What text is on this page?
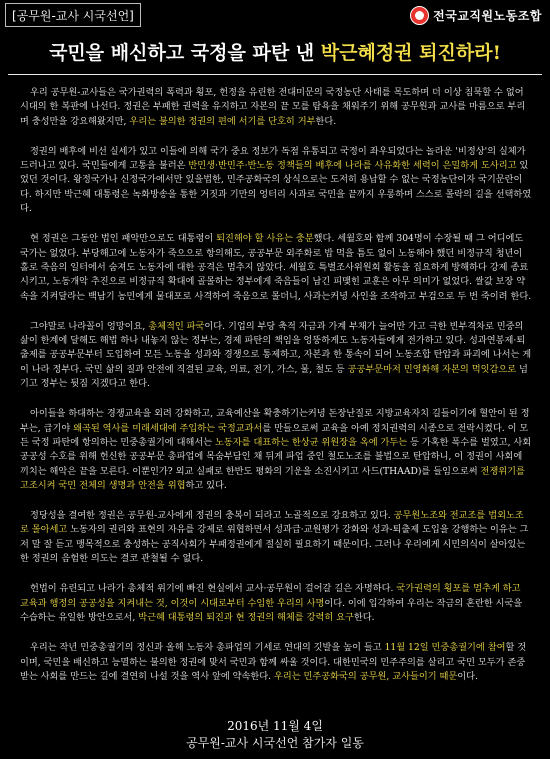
[공무원-교사 시국선언]	전국교직원노동조합
국민을 배신하고 국정을 파탄 낸 박근혜정권 퇴진하라!

우리 공무원-교사들은 국가권력의 폭력과 횡포, 헌정을 유린한 전대미문의 국정농단 사태를 목도하며 더 이상 침묵할 수 없어 시대의 한 복판에 나선다. 정권은 부패한 권력을 유지하고 자본의 끝 모를 탐욕을 채워주기 위해 공무원과 교사를 마름으로 부리며 충성만을 강요해왔지만, 우리는 불의한 정권의 편에 서기를 단호히 거부한다.

정권의 배후에 비선 실세가 있고 이들에 의해 국가 중요 정보가 독점 유통되고 국정이 좌우되었다는 놀라운 '비정상'의 실체가 드러나고 있다. 국민들에게 고통을 불러온 반민생·반민주·반노동 정책들의 배후에 나라를 사유화한 세력이 은밀하게 도사리고 있었던 것이다. 왕정국가나 신정국가에서만 있을법한, 민주공화국의 상식으로는 도저히 용납할 수 없는 국정농단이자 국기문란이다. 하지만 박근혜 대통령은 녹화방송을 통한 거짓과 기만의 엉터리 사과로 국민을 끝까지 우롱하며 스스로 몰락의 길을 선택하였다.

현 정권은 그동안 법인 패악만으로도 대통령이 퇴진해야 할 사유는 충분했다. 세월호와 함께 304명이 수장될 때 그 어디에도 국가는 없었다. 부당해고에 노동자가 죽으으로 항의해도, 공공부문 외주화로 밥 먹을 틈도 없이 노동해야 했던 비정규직 청년이 홀로 죽음의 일터에서 숨져도 노동자에 대한 공격은 멈추지 않았다. 세월호 특별조사위원회 활동을 집요하게 방해하다 강제 종료시키고, 노동개악 추진으로 비정규직 확대에 골몰하는 정부에게 죽음들이 남긴 피맺힌 교훈은 아무 의미가 없었다. 쌀값 보장 약속을 지켜달라는 백남기 농민에게 물대포로 사격하여 죽음으로 몰더니, 사과는커녕 사인을 조작하고 부검으로 두 번 죽이려 한다.

그야말로 나라꼴이 엉망이요, 총체적인 파국이다. 기업의 부당 축적 자금과 가계 부채가 늘어만 가고 극한 빈부격차로 민중의 삶이 한계에 달해도 해법 하나 내놓지 않는 정부는, 경제 파탄의 책임을 엉뚱하게도 노동자들에게 전가하고 있다. 성과연봉제·퇴출제를 공공부문부터 도입하여 모든 노동을 성과와 경쟁으로 통제하고, 자본과 한 통속이 되어 노동조합 탄압과 파괴에 나서는 게 이 나라 정부다. 국민 삶의 질과 안전에 직결된 교육, 의료, 전기, 가스, 물, 철도 등 공공부문마저 민영화해 자본의 먹잇감으로 넘기고 정부는 뒷짐 지겠다고 한다.

아이들을 하대하는 경쟁교육을 외려 강화하고, 교육예산을 확충하기는커녕 돈장난질로 지방교육자치 길들이기에 혈안이 된 정부는, 급기야 왜곡된 역사를 미래세대에 주입하는 국정교과서를 만들으로써 교육을 아예 정치권력의 시종으로 전락시켰다. 이 모든 국정 파탄에 항의하는 민중총궐기에 대해서는 노동자를 대표하는 한상균 위원장을 옥에 가두는 등 가혹한 폭수를 벌였고, 사회공공성 수호를 위해 헌신한 공공부문 총파업에 목숨부담인 채 뒤게 파업 중인 철도노조를 불법으로 탄압하니, 이 정권이 사회에 끼치는 해악은 끝을 모른다. 이뿐인가? 외교 실패로 한반도 평화의 기운을 소진시키고 사드(THAAD)를 들임으로써 전쟁위기를 고조시켜 국민 전체의 생명과 안전을 위협하고 있다.

정당성을 결여한 정권은 공무원-교사에게 정권의 충복이 되라고 노골적으로 강요하고 있다. 공무원노조와 전교조를 법외노조로 몰아세고 노동자의 권리와 표현의 자유를 강제로 위협하면서 성과급·교원평가 강화와 성과-퇴출제 도입을 강행하는 이유는 그저 말 잘 듣고 맹목적으로 충성하는 공직사회가 부패정권에게 절실히 필요하기 때문이다. 그러나 우리에게 시민의식이 살아있는 한 정권의 음험한 의도는 결코 관철될 수 없다.

헌법이 유린되고 나라가 총체적 위기에 빠진 현실에서 교사·공무원이 걸어갈 길은 자명하다. 국가권력의 횡포를 멈추게 하고 교육과 행정의 공공성을 지켜내는 것, 이것이 시대로부터 수임한 우리의 사명이다. 이에 입각하여 우리는 작금의 혼란한 시국을 수습하는 유일한 방안으로서, 박근혜 대통령의 퇴진과 현 정권의 해체를 강력히 요구한다.

우리는 작년 민중총궐기의 정신과 올해 노동자 총파업의 기세로 연대의 깃발을 높이 들고 11월 12일 민중총궐기에 참여할 것이며, 국민을 배신하고 능멸하는 불의한 정권에 맞서 국민과 함께 싸울 것이다. 대한민국의 민주주의를 살리고 국민 모두가 존중받는 사회를 만드는 길에 결연히 나설 것을 역사 앞에 약속한다. 우리는 민주공화국의 공무원, 교사들이기 때문이다.

2016년 11월 4일
공무원-교사 시국선언 참가자 일동
